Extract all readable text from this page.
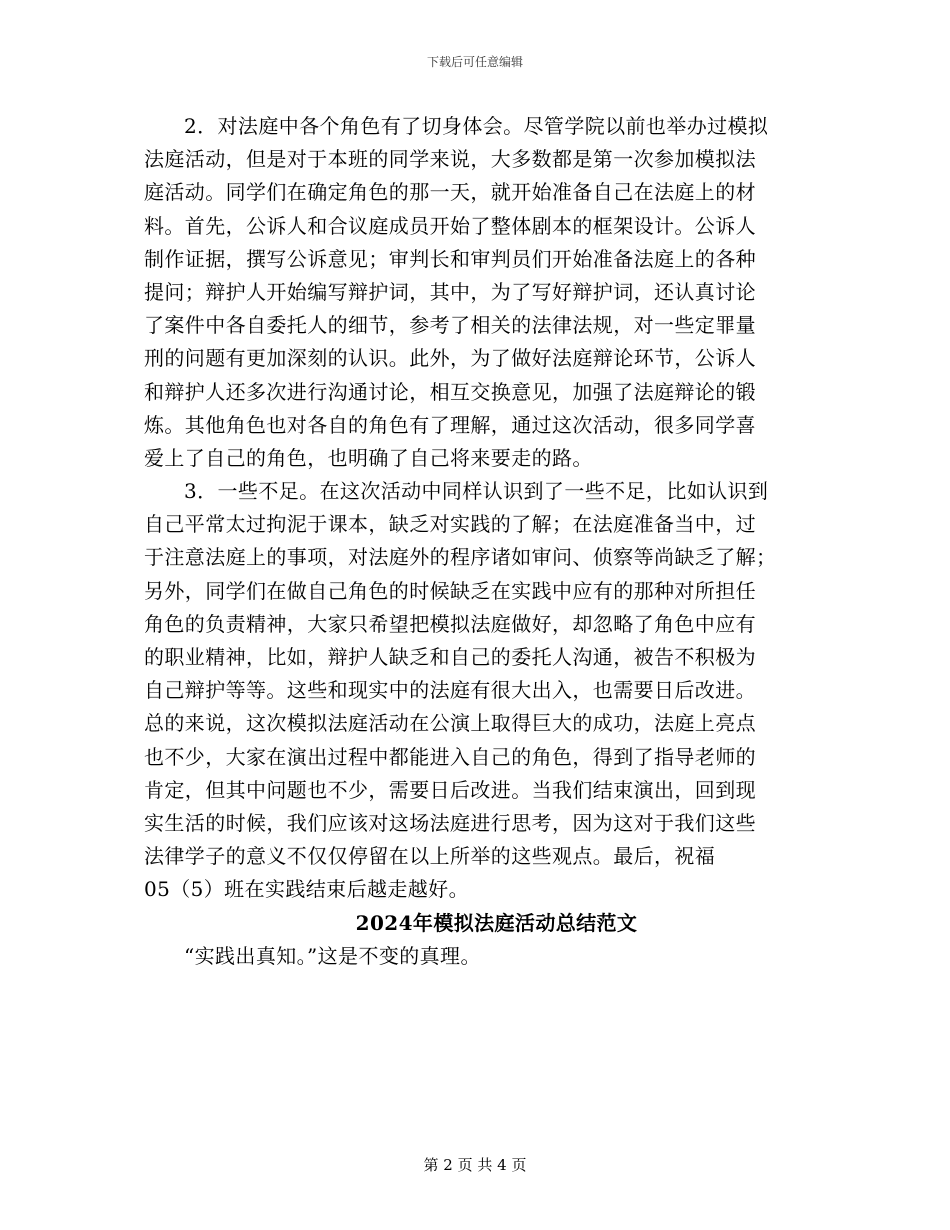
下载后可任意编辑
2．对法庭中各个角色有了切身体会。尽管学院以前也举办过模拟
法庭活动，但是对于本班的同学来说，大多数都是第一次参加模拟法
庭活动。同学们在确定角色的那一天，就开始准备自己在法庭上的材
料。首先，公诉人和合议庭成员开始了整体剧本的框架设计。公诉人
制作证据，撰写公诉意见；审判长和审判员们开始准备法庭上的各种
提问；辩护人开始编写辩护词，其中，为了写好辩护词，还认真讨论
了案件中各自委托人的细节，参考了相关的法律法规，对一些定罪量
刑的问题有更加深刻的认识。此外，为了做好法庭辩论环节，公诉人
和辩护人还多次进行沟通讨论，相互交换意见，加强了法庭辩论的锻
炼。其他角色也对各自的角色有了理解，通过这次活动，很多同学喜
爱上了自己的角色，也明确了自己将来要走的路。
3．一些不足。在这次活动中同样认识到了一些不足，比如认识到
自己平常太过拘泥于课本，缺乏对实践的了解；在法庭准备当中，过
于注意法庭上的事项，对法庭外的程序诸如审问、侦察等尚缺乏了解；
另外，同学们在做自己角色的时候缺乏在实践中应有的那种对所担任
角色的负责精神，大家只希望把模拟法庭做好，却忽略了角色中应有
的职业精神，比如，辩护人缺乏和自己的委托人沟通，被告不积极为
自己辩护等等。这些和现实中的法庭有很大出入，也需要日后改进。
总的来说，这次模拟法庭活动在公演上取得巨大的成功，法庭上亮点
也不少，大家在演出过程中都能进入自己的角色，得到了指导老师的
肯定，但其中问题也不少，需要日后改进。当我们结束演出，回到现
实生活的时候，我们应该对这场法庭进行思考，因为这对于我们这些
法律学子的意义不仅仅停留在以上所举的这些观点。最后，祝福
05（5）班在实践结束后越走越好。
2024年模拟法庭活动总结范文
“实践出真知。”这是不变的真理。
第 2 页 共 4 页
